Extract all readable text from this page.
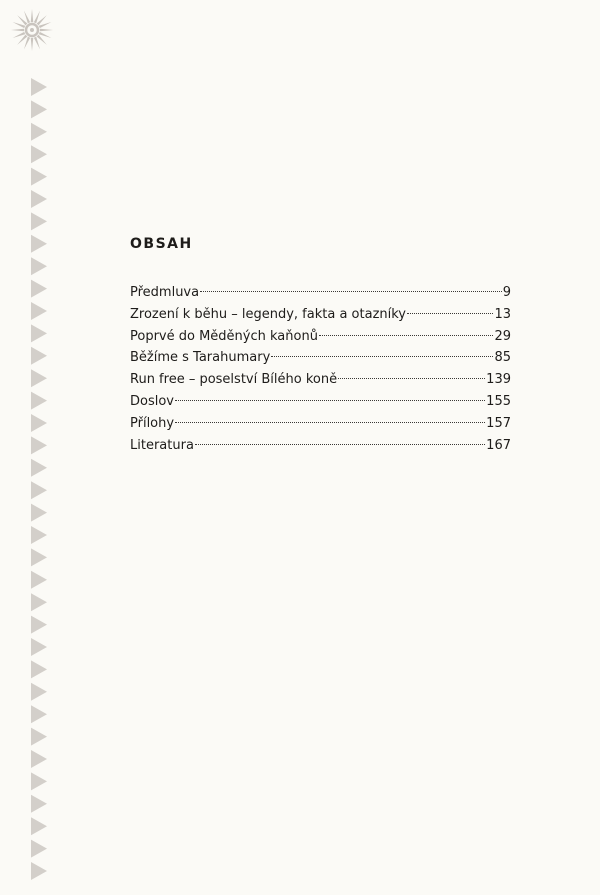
OBSAH
Předmluva	9
Zrození k běhu – legendy, fakta a otazníky	13
Poprvé do Měděných kaňonů	29
Běžíme s Tarahumary	85
Run free – poselství Bílého koně	139
Doslov	155
Přílohy	157
Literatura	167
